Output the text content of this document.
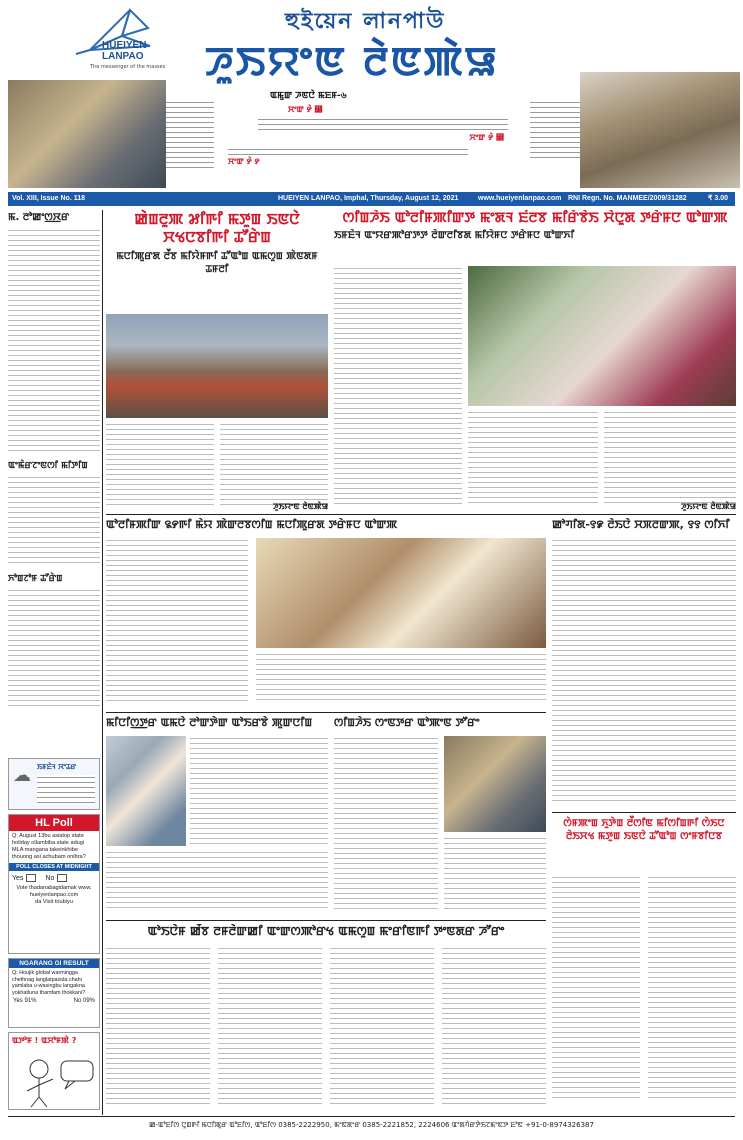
HUEIYEN
LANPAO
The messenger of the masses
হুইয়েন লানপাউ
ꯍꯨꯏꯌꯦꯟ ꯂꯥꯟꯄꯥꯎ
ꯑꯃꯨꯛ ꯍꯟꯅꯥ ꯃꯐꯝ-৬
ꯆꯦꯛ ꯸ꯥ ꯼
ꯆꯦꯛ ꯸ꯥ ꯽
ꯆꯦꯛ ꯸ꯥ ꯸
Vol. XIII, Issue No. 118	HUEIYEN LANPAO, Imphal, Thursday, August 12, 2021	www.hueiyenlanpao.com RNI Regn. No. MANMEE/2009/31282	₹ 3.00
ꯃ. ꯂꯣꯀꯦꯁ꯭ꯋꯔ
ꯑꯦꯃꯥꯔꯖꯦꯟꯁꯤ ꯃꯤꯇꯤꯡ
ꯈꯣꯡꯖꯣꯝ ꯊꯧꯔꯥꯡ
☁ ꯏꯝꯐꯥꯜ ꯋꯦꯊꯔ
HL Poll
Q: August 13bu asiatop state holiday ollambiba state adugi MLA mangana takeinkhibe thouong asi achubam onibra?
POLL CLOSES AT MIDNIGHT
Yes	No
Vote thadanabagidamak www.
hueiyenlanpao.com
da Visit toubiyu
NGARANG GI RESULT
Q: Houjik global warmingga chethnag langlatpasida chahi yamlaba u-wasingbu langakna yokhatluna thamfam thokkani?
Yes 91%	No 09%
ꯑꯇꯣꯝ ! ꯑꯆꯣꯝꯄꯥ ?
ꯀꯥꯡꯂꯨꯄ ꯷ꯤꯒꯤ ꯃꯇꯨꯡ ꯏꯟꯅꯥ ꯆꯠꯅꯕꯤꯒꯤ ꯊꯧꯔꯥꯡ
ꯃꯅꯤꯄꯨꯔꯗ ꯂꯩꯕ ꯃꯤꯌꯥꯝꯒꯤ ꯊꯧꯑꯣꯡ ꯑꯃꯁꯨꯡ ꯄꯥꯟꯗꯝ ꯊꯝꯂꯤ
ꯍꯨꯏꯌꯦꯟ ꯂꯥꯟꯄꯥꯎ
ꯁꯤꯡꯍꯥꯏ ꯑꯣꯂꯤꯝꯄꯤꯛꯇ ꯃꯦꯗꯜ ꯐꯪꯂꯕ ꯃꯤꯔꯥꯕꯥꯏ ꯆꯥꯅꯨꯗ ꯇꯔꯥꯝꯅ ꯑꯣꯛꯄ
ꯏꯝꯐꯥꯜ ꯑꯦꯌꯔꯄꯣꯔꯇꯇ ꯂꯥꯛꯂꯤꯕꯗ ꯃꯤꯌꯥꯝꯅ ꯇꯔꯥꯝꯅ ꯑꯣꯛꯈꯤ
ꯍꯨꯏꯌꯦꯟ ꯂꯥꯟꯄꯥꯎ
ꯑꯣꯂꯤꯝꯄꯤꯛ ꯲꯸ꯒꯤ ꯃꯥꯌ ꯄꯥꯛꯂꯕꯁꯤꯡ ꯃꯅꯤꯄꯨꯔꯗ ꯇꯔꯥꯝꯅ ꯑꯣꯛꯄ	ꯀꯣꯚꯤꯗ-꯱꯹ ꯂꯥꯏꯅꯥ ꯆꯞꯂꯛꯄ, ꯱꯱ ꯁꯤꯈꯤ
ꯃꯤꯅꯤꯁ꯭ꯇꯔ ꯑꯃꯅꯥ ꯂꯣꯛꯇꯥꯛ ꯑꯣꯏꯔꯕꯥ ꯄꯨꯛꯅꯤꯡ	ꯁꯤꯡꯍꯥꯏ ꯁꯦꯟꯇꯔ ꯑꯣꯄꯦꯟ ꯇꯧꯔꯦ
ꯁꯥꯝꯄꯦꯡ ꯈꯨꯇꯥꯡ ꯂꯩꯁꯤꯟ ꯃꯤꯁꯤꯡꯒꯤ ꯁꯥꯏꯅ ꯂꯥꯏꯆꯠ ꯃꯇꯨꯡ ꯏꯟꯅꯥ ꯊꯧꯑꯣꯡ ꯁꯦꯝꯕꯤꯅꯕ
ꯑꯣꯏꯅꯥꯝ ꯀꯩꯕ ꯂꯝꯂꯥꯛꯀꯤ ꯑꯦꯛꯁꯄꯣꯔꯠ ꯑꯃꯁꯨꯡ ꯃꯦꯔꯤꯟꯒꯤ ꯇꯦꯟꯗꯔ ꯍꯧꯔꯦ
ꯀ-ꯑꯣꯐꯤꯁ ꯅꯨꯡꯒꯤ ꯃꯅꯤꯄꯨꯔ ꯑꯣꯐꯤꯁ, ꯑꯣꯐꯤꯁ 0385-2222950, ꯃꯦꯟꯗꯦꯔ 0385-2221852, 2224606 ꯑꯦꯗꯚꯥꯔꯇꯥꯏꯖꯃꯦꯟꯇ ꯐꯣꯟ +91-0-8974326387
